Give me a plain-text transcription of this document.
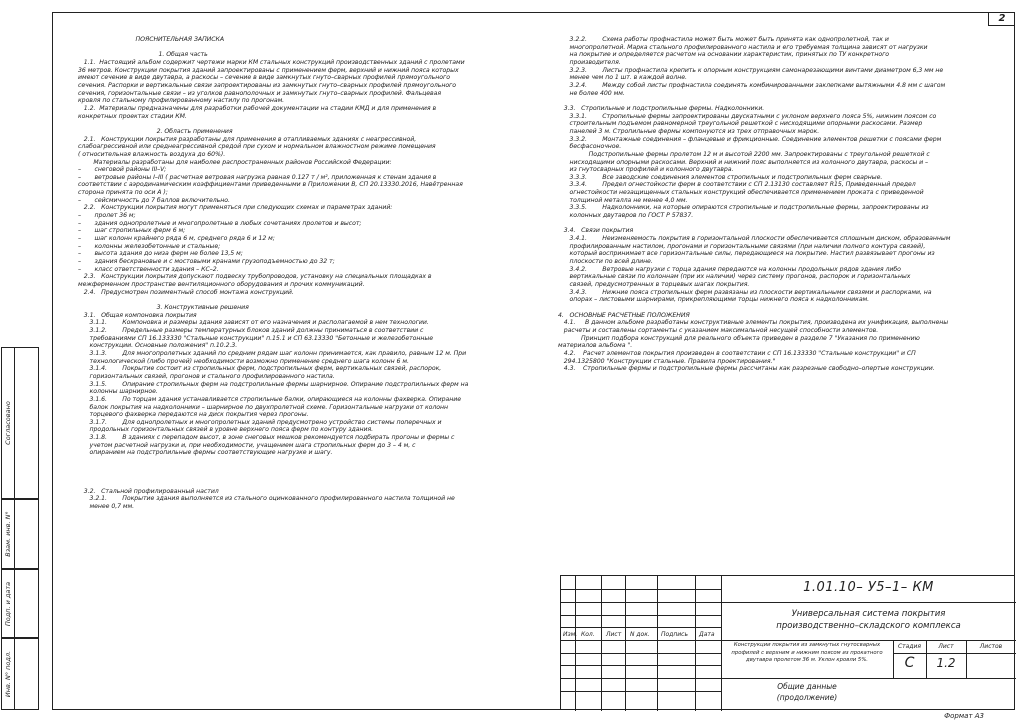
2

ПОЯСНИТЕЛЬНАЯ ЗАПИСКА

1. Общая часть

1.1.  Настоящий альбом содержит чертежи марки КМ стальных конструкций производственных зданий с пролетами

36 метров. Конструкции покрытия зданий запроектированы с применением ферм, верхний и нижний пояса которых

имеют сечение в виде двутавра, а раскосы – сечение в виде замкнутых гнуто–сварных профилей прямоугольного

сечения. Распорки и вертикальные связи запроектированы из замкнутых гнуто–сварных профилей прямоугольного

сечения, горизонтальные связи – из уголков равнополочных и замкнутых гнуто–сварных профилей. Фальцевая

кровля по стальному профилированному настилу по прогонам.

1.2.  Материалы предназначены для разработки рабочей документации на стадии КМД и для применения в

конкретных проектах стадии КМ.

2. Область применения

2.1.   Конструкции покрытия разработаны для применения в отапливаемых зданиях с неагрессивной,

слабоагрессивной или среднеагрессивной средой при сухом и нормальном влажностном режиме помещения

( относительная влажность воздуха до 60%).

Материалы разработаны для наиболее распространенных районов Российской Федерации:

–       снеговой районы III–V;

–       ветровые районы I–III ( расчетная ветровая нагрузка равная 0.127 т / м², приложенная к стенам здания в

соответствии с аэродинамическим коэффициентами приведенными в Приложении В, СП 20.13330.2016, Навётренная

сторона принята по оси А );

–       сейсмичность до 7 баллов включительно.

2.2.   Конструкции покрытия могут применяться при следующих схемах и параметрах зданий:

–       пролет 36 м;

–       здания однопролетные и многопролетные в любых сочетаниях пролетов и высот;

–       шаг стропильных ферм 6 м;

–       шаг колонн крайнего ряда 6 м, среднего ряда 6 и 12 м;

–       колонны железобетонные и стальные;

–       высота здания до низа ферм не более 13,5 м;

–       здания бескрановые и с мостовыми кранами грузоподъемностью до 32 т;

–       класс ответственности здания – КС–2.

2.3.   Конструкции покрытия допускают подвеску трубопроводов, установку на специальных площадках в

межферменном пространстве вентиляционного оборудования и прочих коммуникаций.

2.4.   Предусмотрен позиментный способ монтажа конструкций.

3. Конструктивные решения

3.1.   Общая компоновка покрытия

3.1.1.        Компоновка и размеры здания зависят от его назначения и располагаемой в нем технологии.

3.1.2.        Предельные размеры температурных блоков зданий должны приниматься в соответствии с

требованиями СП 16.133330 "Стальные конструкции" п.15.1 и СП 63.13330 "Бетонные и железобетонные

конструкции. Основные положения" п.10.2.3.

3.1.3.        Для многопролетных зданий по средним рядам шаг колонн принимается, как правило, равным 12 м. При

технологической (либо прочей) необходимости возможно применение среднего шага колонн 6 м.

3.1.4.        Покрытие состоит из стропильных ферм, подстропильных ферм, вертикальных связей, распорок,

горизонтальных связей, прогонов и стального профилированного настила.

3.1.5.        Опирание стропильных ферм на подстропильные фермы шарнирное. Опирание подстропильных ферм на

колонны шарнирное.

3.1.6.        По торцам здания устанавливается стропильные балки, опирающиеся на колонны фахверка. Опирание

балок покрытия на надколонники – шарнирное по двухпролетной схеме. Горизонтальные нагрузки от колонн

торцевого фахверка передаются на диск покрытия через прогоны.

3.1.7.        Для однопролетных и многопролетных зданий предусмотрено устройство системы поперечных и

продольных горизонтальных связей в уровне верхнего пояса ферм по контуру здания.

3.1.8.        В зданиях с перепадом высот, в зоне снеговых мешков рекомендуется подбирать прогоны и фермы с

учетом расчетной нагрузки и, при необходимости, учащением шага стропильных ферм до 3 – 4 м, с

опиранием на подстропильные фермы соответствующие нагрузке и шагу.

3.2.   Стальной профилированный настил

3.2.1.        Покрытие здания выполняется из стального оцинкованного профилированного настила толщиной не

менее 0,7 мм.

3.2.2.        Схема работы профнастила может быть может быть принята как однопролетной, так и

многопролетной. Марка стального профилированного настила и его требуемая толщина зависят от нагрузки

на покрытие и определяется расчетом на основании характеристик, принятых по ТУ конкретного

производителя.

3.2.3.        Листы профнастила крепить к опорным конструкциям самонарезающими винтами диаметром 6,3 мм не

менее чем по 1 шт. в каждой волне.

3.2.4.        Между собой листы профнастила соединять комбинированными заклепками вытяжными 4.8 мм с шагом

не более 400 мм.

3.3.   Стропильные и подстропильные фермы. Надколонники.

3.3.1.        Стропильные фермы запроектированы двускатными с уклоном верхнего пояса 5%, нижним поясом со

строительным подъемом равномерной треугольной решеткой с нисходящими опорными раскосами. Размер

панелей 3 м. Стропильные фермы компонуются из трех отправочных марок.

3.3.2.        Монтажные соединения – фланцевые и фрикционные. Соединение элементов решетки с поясами ферм

бесфасоночное.

Подстропильные фермы пролетом 12 м и высотой 2200 мм. Запроектированы с треугольной решеткой с

нисходящими опорными раскосами. Верхний и нижний пояс выполняется из колонного двутавра, раскосы и –

из гнутосварных профилей и колонного двутавра.

3.3.3.        Все заводские соединения элементов стропильных и подстропильных ферм сварные.

3.3.4.        Предел огнестойкости ферм в соответствии с СП 2.13130 составляет R15, Приведенный предел

огнестойкости незащищенных стальных конструкций обеспечивается применением проката с приведенной

толщиной металла не менее 4,0 мм.

3.3.5.        Надколонники, на которые опираются стропильные и подстропильные фермы, запроектированы из

колонных двутавров по ГОСТ Р 57837.

3.4.   Связи покрытия

3.4.1.        Неизменяемость покрытия в горизонтальной плоскости обеспечивается сплошным диском, образованным

профилированным настилом, прогонами и горизонтальными связями (при наличии полного контура связей),

который воспринимает все горизонтальные силы, передающиеся на покрытие. Настил развязывает прогоны из

плоскости по всей длине.

3.4.2.        Ветровые нагрузки с торца здания передаются на колонны продольных рядов здания либо

вертикальные связи по колоннам (при их наличии) через систему прогонов, распорок и горизонтальных

связей, предусмотренных в торцевых шагах покрытия.

3.4.3.        Нижние пояса стропильных ферм развязаны из плоскости вертикальными связями и распорками, на

опорах – листовыми шарнирами, прикрепляющими торцы нижнего пояса к надколонникам.

4.   ОСНОВНЫЕ РАСЧЕТНЫЕ ПОЛОЖЕНИЯ

4.1.     В данном альбоме разработаны конструктивные элементы покрытия, производена их унификация, выполнены

расчеты и составлены сортаменты с указанием максимальной несущей способности элементов.

Принцип подбора конструкций для реального объекта приведен в разделе 7 "Указания по применению

материалов альбома ".

4.2.    Расчет элементов покрытия произведен в соответствии с СП 16.133330 "Стальные конструкции" и СП

294.1325800 "Конструкции стальные. Правила проектирования."

4.3.    Стропильные фермы и подстропильные фермы рассчитаны как разрезные свободно–опертые конструкции.

Согласовано
Взам. инв. N°
Подп. и дата
Инв. N° подл.
Изм. Кол. Лист N док. Подпись Дата
1.01.10– У5–1– КМ
Универсальная система покрытия
производственно–складского комплекса
Конструкции покрытия из замкнутых гнутосварных профилей с верхним и нижним поясом из прокатного двутавра пролетом 36 м. Уклон кровли 5%.
Стадия	Лист	Листов
С	1.2
Общие данные
(продолжение)
Формат А3
